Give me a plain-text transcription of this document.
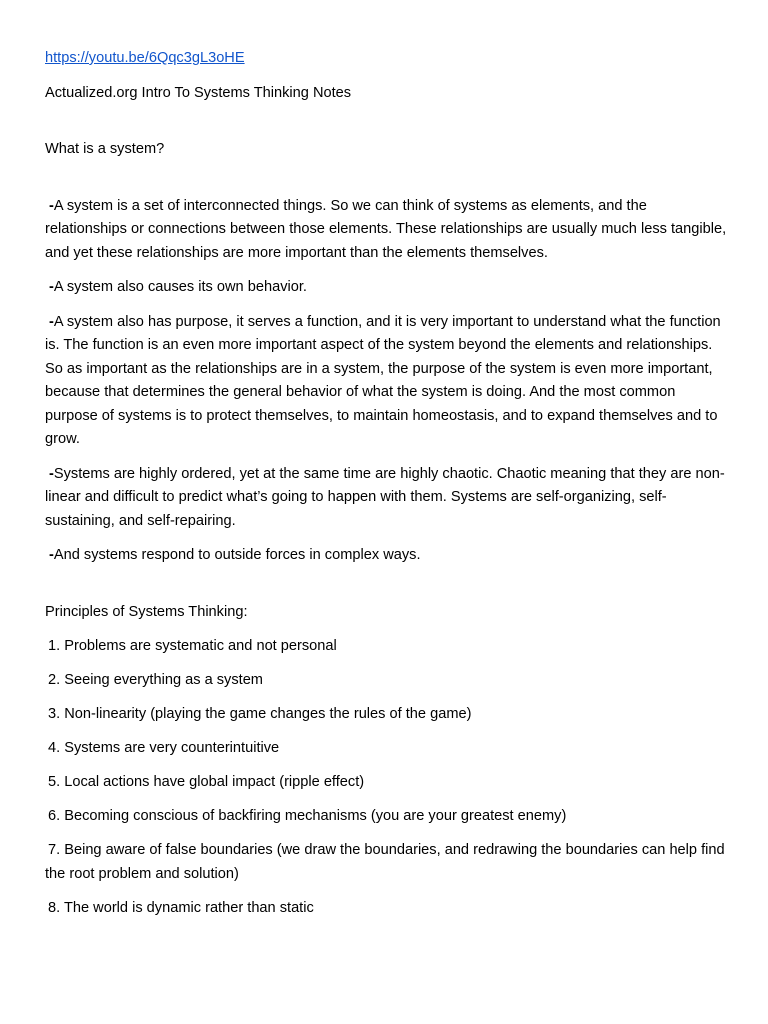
https://youtu.be/6Qqc3gL3oHE
Actualized.org Intro To Systems Thinking Notes
What is a system?
-A system is a set of interconnected things. So we can think of systems as elements, and the relationships or connections between those elements. These relationships are usually much less tangible, and yet these relationships are more important than the elements themselves.
-A system also causes its own behavior.
-A system also has purpose, it serves a function, and it is very important to understand what the function is. The function is an even more important aspect of the system beyond the elements and relationships. So as important as the relationships are in a system, the purpose of the system is even more important, because that determines the general behavior of what the system is doing. And the most common purpose of systems is to protect themselves, to maintain homeostasis, and to expand themselves and to grow.
-Systems are highly ordered, yet at the same time are highly chaotic. Chaotic meaning that they are non-linear and difficult to predict what’s going to happen with them. Systems are self-organizing, self-sustaining, and self-repairing.
-And systems respond to outside forces in complex ways.
Principles of Systems Thinking:
1. Problems are systematic and not personal
2. Seeing everything as a system
3. Non-linearity (playing the game changes the rules of the game)
4. Systems are very counterintuitive
5. Local actions have global impact (ripple effect)
6. Becoming conscious of backfiring mechanisms (you are your greatest enemy)
7. Being aware of false boundaries (we draw the boundaries, and redrawing the boundaries can help find the root problem and solution)
8. The world is dynamic rather than static
